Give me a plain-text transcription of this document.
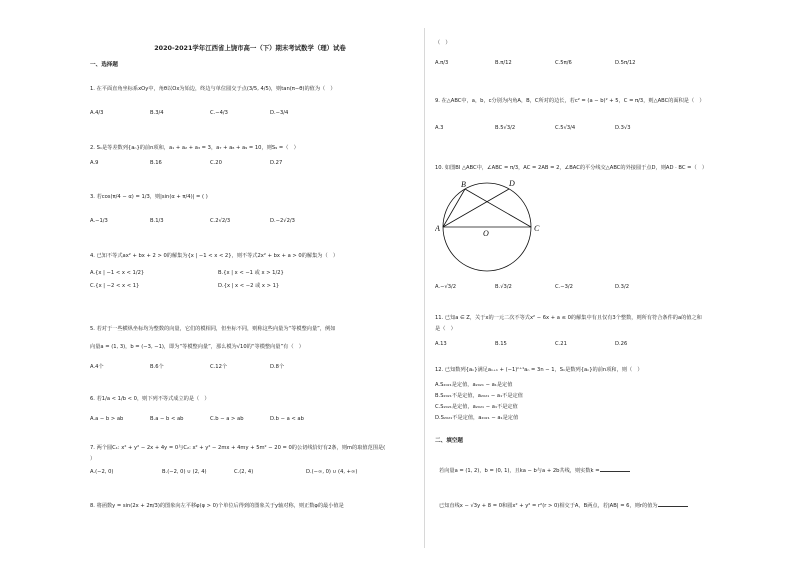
2020-2021学年江西省上饶市高一（下）期末考试数学（理）试卷
一、选择题
1. 在平面直角坐标系xOy中，角θ以Ox为始边，终边与单位圆交于点(3/5, 4/5)，则tan(π−θ)的值为（　）
A.4/3	B.3/4	C.−4/3	D.−3/4
2. Sₙ是等差数列{aₙ}的前n项和，a₁ + a₂ + a₃ = 3，a₇ + a₈ + a₉ = 10，则S₉ =（　）
A.9	B.16	C.20	D.27
3. 若cos(π/4 − α) = 1/3，则|sin(α + π/4)| = ( )
A.−1/3	B.1/3	C.2√2/3	D.−2√2/3
4. 已知不等式ax² + bx + 2 > 0的解集为{x | −1 < x < 2}，则不等式2x² + bx + a > 0的解集为（　）
A.{x | −1 < x < 1/2}	B.{x | x < −1 或 x > 1/2}
C.{x | −2 < x < 1}	D.{x | x < −2 或 x > 1}
5. 若对于一些横纵坐标均为整数的向量，它们的模相同，但坐标不同，则称这些向量为“等模整向量”，例如
向量a = (1, 3)，b = (−3, −1)，即为“等模整向量”，那么模为√10的“等模整向量”有（　）
A.4个	B.6个	C.12个	D.8个
6. 若1/a < 1/b < 0，则下列不等式成立的是（　）
A.a − b > ab	B.a − b < ab	C.b − a > ab	D.b − a < ab
7. 两个圆C₁: x² + y² − 2x + 4y = 0与C₂: x² + y² − 2mx + 4my + 5m² − 20 = 0的公切线恰好有2条，则m的取值范围是(
）
A.(−2, 0)	B.(−2, 0) ∪ (2, 4)	C.(2, 4)	D.(−∞, 0) ∪ (4, +∞)
8. 将函数y = sin(2x + 2π/3)的图象向左平移φ(φ > 0)个单位后得到的图象关于y轴对称，则正数φ的最小值是
（　）
A.π/3	B.π/12	C.5π/6	D.5π/12
9. 在△ABC中，a，b，c分别为内角A，B，C所对的边长，若c² = (a − b)² + 5，C = π/3，则△ABC的面积是（　）
A.3	B.5√3/2	C.5√3/4	D.3√3
10. 如图BI △ABC中，∠ABC = π/3，AC = 2AB = 2，∠BAC的平分线交△ABC的外接圆于点D，则AD · BC =（　）
B	D
A
O
C
A.−√3/2	B.√3/2	C.−3/2	D.3/2
11. 已知a ∈ Z，关于x的一元二次不等式x² − 6x + a ≤ 0的解集中有且仅有3个整数，则所有符合条件的a的值之和
是（　）
A.13	B.15	C.21	D.26
12. 已知数列{aₙ}满足aₙ₊₁ + (−1)ⁿ⁺¹aₙ = 3n − 1，Sₙ是数列{aₙ}的前n项和，则（　）
A.S₂₀₂₁是定值，a₂₀₂₁ − a₁是定值
B.S₂₀₂₁不是定值，a₂₀₂₁ − a₁不是定值
C.S₂₀₂₁是定值，a₂₀₂₁ − a₁不是定值
D.S₂₀₂₁不是定值，a₂₀₂₁ − a₁是定值
二、填空题
若向量a = (1, 2)，b = (0, 1)，且ka − b与a + 2b共线，则实数k =
已知直线x − √3y + 8 = 0和圆x² + y² = r²(r > 0)相交于A，B两点，若|AB| = 6，则r的值为
